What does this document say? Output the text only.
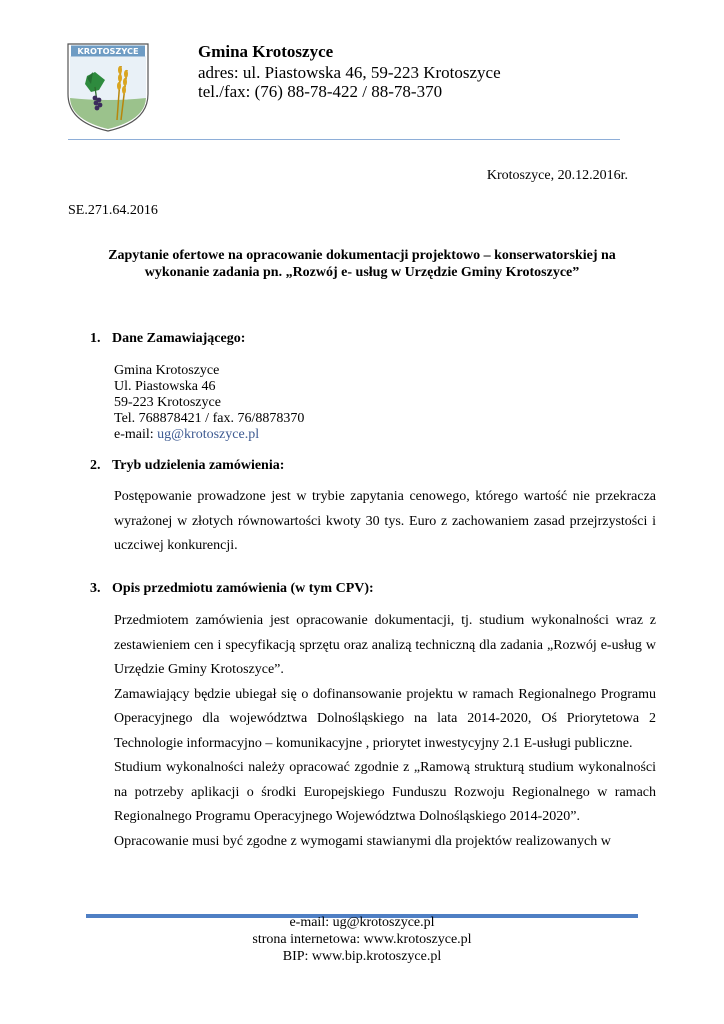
KROTOSZYCE	Gmina Krotoszyce
adres: ul. Piastowska 46, 59-223 Krotoszyce
tel./fax: (76) 88-78-422 / 88-78-370
Krotoszyce, 20.12.2016r.
SE.271.64.2016
Zapytanie ofertowe na opracowanie dokumentacji projektowo – konserwatorskiej na
wykonanie zadania pn. „Rozwój e- usług w Urzędzie Gminy Krotoszyce”
1. Dane Zamawiającego:
Gmina Krotoszyce
Ul. Piastowska 46
59-223 Krotoszyce
Tel. 768878421 / fax. 76/8878370
e-mail: ug@krotoszyce.pl
2. Tryb udzielenia zamówienia:
Postępowanie prowadzone jest w trybie zapytania cenowego, którego wartość nie przekracza wyrażonej w złotych równowartości kwoty 30 tys. Euro z zachowaniem zasad przejrzystości i uczciwej konkurencji.
3. Opis przedmiotu zamówienia (w tym CPV):
Przedmiotem zamówienia jest opracowanie dokumentacji, tj. studium wykonalności wraz z zestawieniem cen i specyfikacją sprzętu oraz analizą techniczną dla zadania „Rozwój e-usług w Urzędzie Gminy Krotoszyce”.
Zamawiający będzie ubiegał się o dofinansowanie projektu w ramach Regionalnego Programu Operacyjnego dla województwa Dolnośląskiego na lata 2014-2020, Oś Priorytetowa 2 Technologie informacyjno – komunikacyjne , priorytet inwestycyjny 2.1 E-usługi publiczne.
Studium wykonalności należy opracować zgodnie z „Ramową strukturą studium wykonalności na potrzeby aplikacji o środki Europejskiego Funduszu Rozwoju Regionalnego w ramach Regionalnego Programu Operacyjnego Województwa Dolnośląskiego 2014-2020”.
Opracowanie musi być zgodne z wymogami stawianymi dla projektów realizowanych w
e-mail: ug@krotoszyce.pl
strona internetowa: www.krotoszyce.pl
BIP: www.bip.krotoszyce.pl
